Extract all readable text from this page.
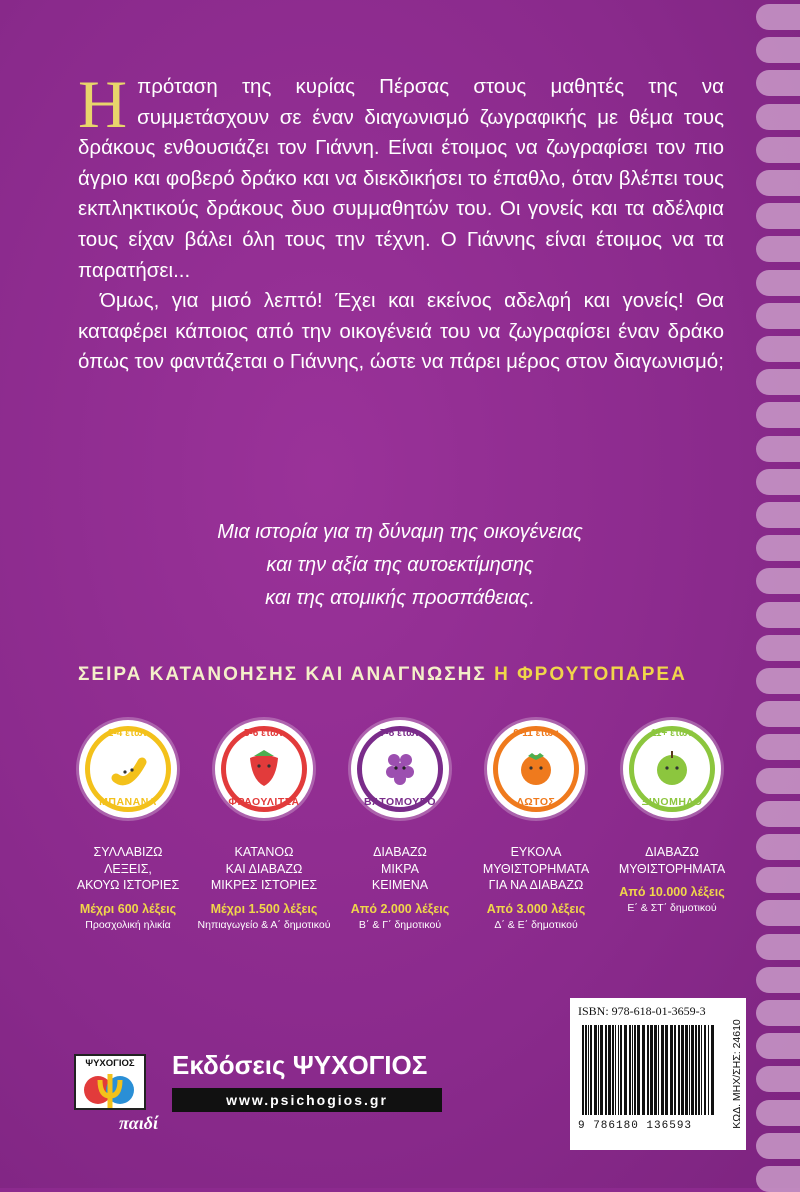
Ηπρόταση της κυρίας Πέρσας στους μαθητές της να συμμετάσχουν σε έναν διαγωνισμό ζωγραφικής με θέμα τους δράκους ενθουσιάζει τον Γιάννη. Είναι έτοιμος να ζωγραφίσει τον πιο άγριο και φοβερό δράκο και να διεκδικήσει το έπαθλο, όταν βλέπει τους εκπληκτικούς δράκους δυο συμμαθητών του. Οι γονείς και τα αδέλφια τους είχαν βάλει όλη τους την τέχνη. Ο Γιάννης είναι έτοιμος να τα παρατήσει...

Όμως, για μισό λεπτό! Έχει και εκείνος αδελφή και γονείς! Θα καταφέρει κάποιος από την οικογένειά του να ζωγραφίσει έναν δράκο όπως τον φαντάζεται ο Γιάννης, ώστε να πάρει μέρος στον διαγωνισμό;

Μια ιστορία για τη δύναμη της οικογένειας
και την αξία της αυτοεκτίμησης
και της ατομικής προσπάθειας.
ΣΕΙΡΑ ΚΑΤΑΝΟΗΣΗΣ ΚΑΙ ΑΝΑΓΝΩΣΗΣ Η ΦΡΟΥΤΟΠΑΡΕΑ
2-4 ετών
ΜΠΑΝΑΝΑ
ΣΥΛΛΑΒΙΖΩ
ΛΕΞΕΙΣ,
ΑΚΟΥΩ ΙΣΤΟΡΙΕΣ
Μέχρι 600 λέξεις
Προσχολική ηλικία
5-6 ετών
ΦΡΑΟΥΛΙΤΣΑ
ΚΑΤΑΝΟΩ
ΚΑΙ ΔΙΑΒΑΖΩ
ΜΙΚΡΕΣ ΙΣΤΟΡΙΕΣ
Μέχρι 1.500 λέξεις
Νηπιαγωγείο & Α΄ δημοτικού
7-8 ετών
ΒΑΤΟΜΟΥΡΟ
ΔΙΑΒΑΖΩ
ΜΙΚΡΑ
ΚΕΙΜΕΝΑ
Από 2.000 λέξεις
Β΄ & Γ΄ δημοτικού
9-11 ετών
ΛΩΤΟΣ
ΕΥΚΟΛΑ
ΜΥΘΙΣΤΟΡΗΜΑΤΑ
ΓΙΑ ΝΑ ΔΙΑΒΑΖΩ
Από 3.000 λέξεις
Δ΄ & Ε΄ δημοτικού
11+ ετών
ΞΙΝΟΜΗΛΟ
ΔΙΑΒΑΖΩ
ΜΥΘΙΣΤΟΡΗΜΑΤΑ
Από 10.000 λέξεις
Ε΄ & ΣΤ΄ δημοτικού
ISBN: 978-618-01-3659-3
9 786180 136593	ΚΩΔ. ΜΗΧ/ΣΗΣ: 24610
ΨΥΧΟΓΙΟΣ
παιδί
Εκδόσεις ΨΥΧΟΓΙΟΣ
www.psichogios.gr
